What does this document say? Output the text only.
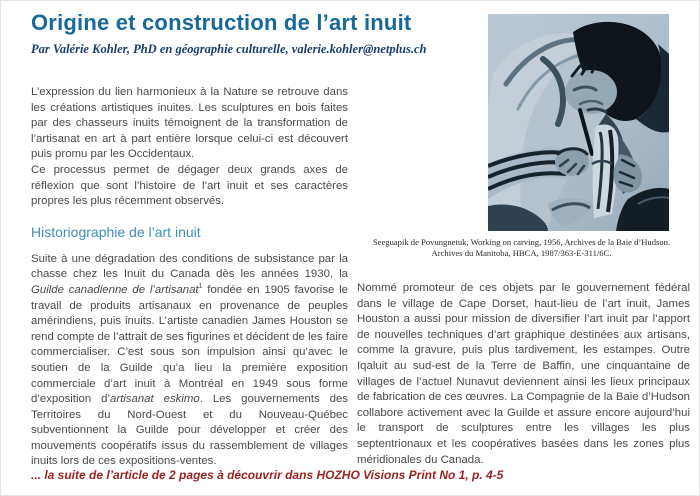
Origine et construction de l’art inuit
Par Valérie Kohler, PhD en géographie culturelle, valerie.kohler@netplus.ch

L’expression du lien harmonieux à la Nature se retrouve dans les créations artistiques inuites. Les sculptures en bois faites par des chasseurs inuits témoignent de la transformation de l’artisanat en art à part entière lorsque celui-ci est découvert puis promu par les Occidentaux.

Ce processus permet de dégager deux grands axes de réflexion que sont l’histoire de l’art inuit et ses caractères propres les plus récemment observés.

Historiographie de l’art inuit

Suite à une dégradation des conditions de subsistance par la chasse chez les Inuit du Canada dès les années 1930, la Guilde canadienne de l’artisanat$^1$ fondée en 1905 favorise le travail de produits artisanaux en provenance de peuples amérindiens, puis inuits. L’artiste canadien James Houston se rend compte de l’attrait de ses figurines et décident de les faire commercialiser. C’est sous son impulsion ainsi qu’avec le soutien de la Guilde qu’a lieu la première exposition commerciale d’art inuit à Montréal en 1949 sous forme d’exposition d’artisanat eskimo. Les gouvernements des Territoires du Nord-Ouest et du Nouveau-Québec subventionnent la Guilde pour développer et créer des mouvements coopératifs issus du rassemblement de villages inuits lors de ces expositions-ventes.

Seeguapik de Povungnetuk, Working on carving, 1956, Archives de la Baie d’Hudson.
Archives du Manitoba, HBCA, 1987/363-E-311/6C.

Nommé promoteur de ces objets par le gouvernement fédéral dans le village de Cape Dorset, haut-lieu de l’art inuit, James Houston a aussi pour mission de diversifier l’art inuit par l’apport de nouvelles techniques d’art graphique destinées aux artisans, comme la gravure, puis plus tardivement, les estampes. Outre Iqaluit au sud-est de la Terre de Baffin, une cinquantaine de villages de l’actuel Nunavut deviennent ainsi les lieux principaux de fabrication de ces œuvres. La Compagnie de la Baie d’Hudson collabore activement avec la Guilde et assure encore aujourd’hui le transport de sculptures entre les villages les plus septentrionaux et les coopératives basées dans les zones plus méridionales du Canada.

... la suite de l’article de 2 pages à découvrir dans HOZHO Visions Print No 1, p. 4-5
